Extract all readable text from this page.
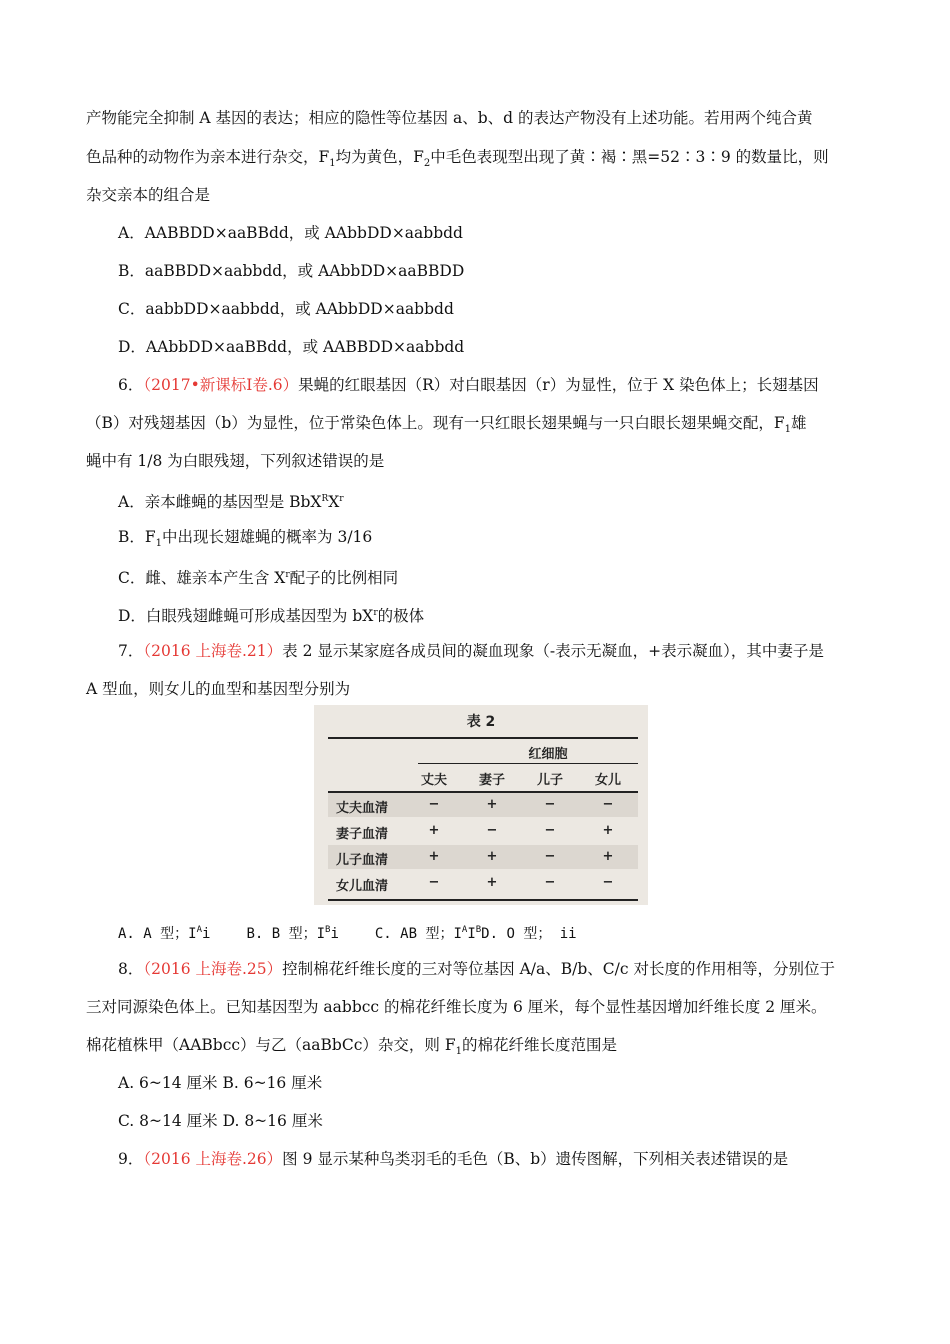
产物能完全抑制 A 基因的表达；相应的隐性等位基因 a、b、d 的表达产物没有上述功能。若用两个纯合黄
色品种的动物作为亲本进行杂交，$F_1$均为黄色，$F_2$中毛色表现型出现了黄∶褐∶黑=52∶3∶9 的数量比，则
杂交亲本的组合是
A．AABBDD×aaBBdd，或 AAbbDD×aabbdd
B．aaBBDD×aabbdd，或 AAbbDD×aaBBDD
C．aabbDD×aabbdd，或 AAbbDD×aabbdd
D．AAbbDD×aaBBdd，或 AABBDD×aabbdd
6．（2017•新课标Ⅰ卷.6）果蝇的红眼基因（R）对白眼基因（r）为显性，位于 X 染色体上；长翅基因
（B）对残翅基因（b）为显性，位于常染色体上。现有一只红眼长翅果蝇与一只白眼长翅果蝇交配，$F_1$雄
蝇中有 1/8 为白眼残翅，下列叙述错误的是
A．亲本雌蝇的基因型是 $BbX^RX^r$
B．$F_1$中出现长翅雄蝇的概率为 3/16
C．雌、雄亲本产生含 $X^r$配子的比例相同
D．白眼残翅雌蝇可形成基因型为 $bX^r$的极体
7．（2016 上海卷.21）表 2 显示某家庭各成员间的凝血现象（-表示无凝血，+表示凝血），其中妻子是
A 型血，则女儿的血型和基因型分别为
表 2
红细胞
丈夫	妻子	儿子	女儿
丈夫血清	−	+	−	−
妻子血清	+	−	−	+
儿子血清	+	+	−	+
女儿血清	−	+	−	−
A. A 型；$I^Ai$	B. B 型；$I^Bi$	C. AB 型；$I^AI^BD$. O 型； ii
8．（2016 上海卷.25）控制棉花纤维长度的三对等位基因 A/a、B/b、C/c 对长度的作用相等，分别位于
三对同源染色体上。已知基因型为 aabbcc 的棉花纤维长度为 6 厘米，每个显性基因增加纤维长度 2 厘米。
棉花植株甲（AABbcc）与乙（aaBbCc）杂交，则 $F_1$的棉花纤维长度范围是
A. 6~14 厘米 B. 6~16 厘米
C. 8~14 厘米 D. 8~16 厘米
9．（2016 上海卷.26）图 9 显示某种鸟类羽毛的毛色（B、b）遗传图解，下列相关表述错误的是
